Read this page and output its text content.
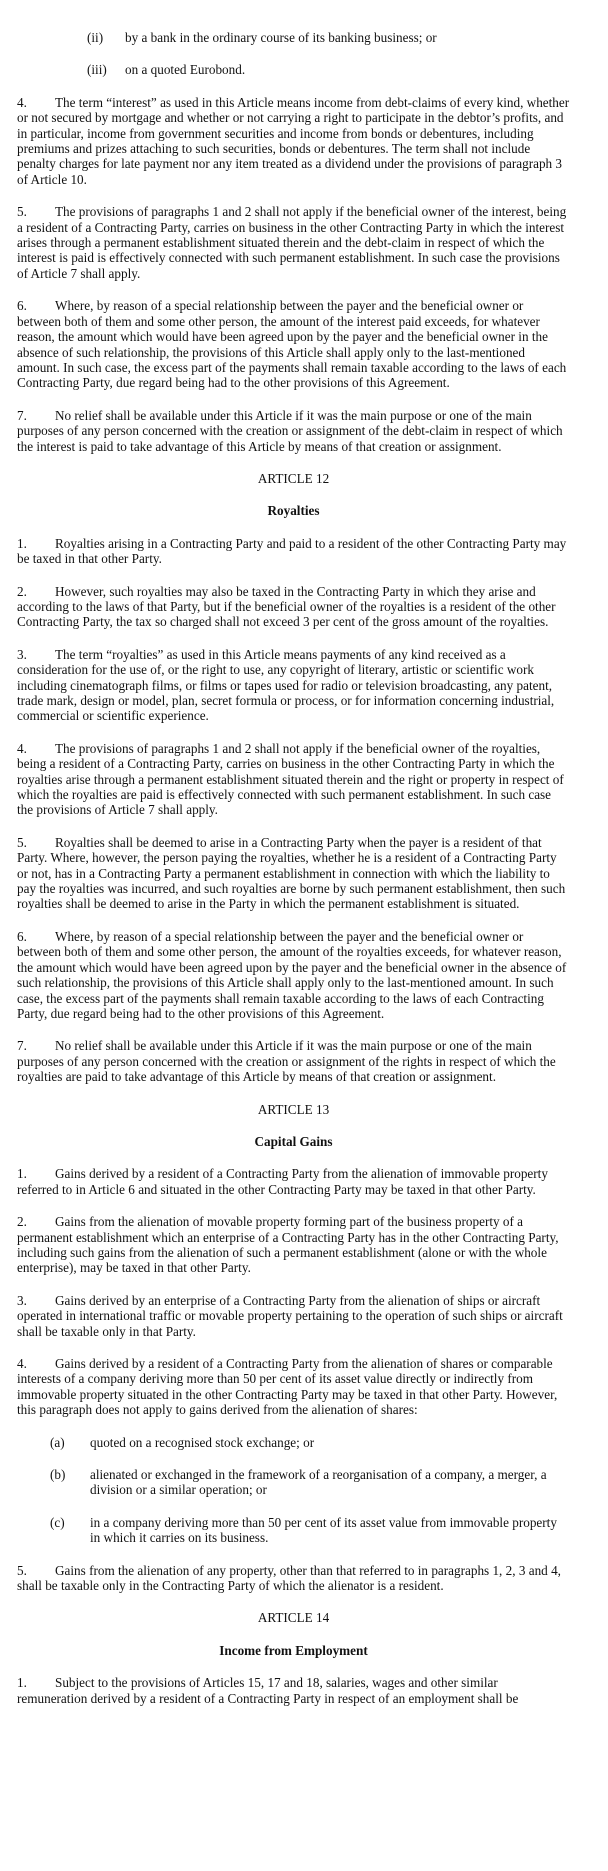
(ii)	by a bank in the ordinary course of its banking business; or
(iii)	on a quoted Eurobond.

4. The term “interest” as used in this Article means income from debt-claims of every kind, whether or not secured by mortgage and whether or not carrying a right to participate in the debtor’s profits, and in particular, income from government securities and income from bonds or debentures, including premiums and prizes attaching to such securities, bonds or debentures. The term shall not include penalty charges for late payment nor any item treated as a dividend under the provisions of paragraph 3 of Article 10.

5. The provisions of paragraphs 1 and 2 shall not apply if the beneficial owner of the interest, being a resident of a Contracting Party, carries on business in the other Contracting Party in which the interest arises through a permanent establishment situated therein and the debt-claim in respect of which the interest is paid is effectively connected with such permanent establishment. In such case the provisions of Article 7 shall apply.

6. Where, by reason of a special relationship between the payer and the beneficial owner or between both of them and some other person, the amount of the interest paid exceeds, for whatever reason, the amount which would have been agreed upon by the payer and the beneficial owner in the absence of such relationship, the provisions of this Article shall apply only to the last-mentioned amount. In such case, the excess part of the payments shall remain taxable according to the laws of each Contracting Party, due regard being had to the other provisions of this Agreement.

7. No relief shall be available under this Article if it was the main purpose or one of the main purposes of any person concerned with the creation or assignment of the debt-claim in respect of which the interest is paid to take advantage of this Article by means of that creation or assignment.

ARTICLE 12
Royalties

1. Royalties arising in a Contracting Party and paid to a resident of the other Contracting Party may be taxed in that other Party.

2. However, such royalties may also be taxed in the Contracting Party in which they arise and according to the laws of that Party, but if the beneficial owner of the royalties is a resident of the other Contracting Party, the tax so charged shall not exceed 3 per cent of the gross amount of the royalties.

3. The term “royalties” as used in this Article means payments of any kind received as a consideration for the use of, or the right to use, any copyright of literary, artistic or scientific work including cinematograph films, or films or tapes used for radio or television broadcasting, any patent, trade mark, design or model, plan, secret formula or process, or for information concerning industrial, commercial or scientific experience.

4. The provisions of paragraphs 1 and 2 shall not apply if the beneficial owner of the royalties, being a resident of a Contracting Party, carries on business in the other Contracting Party in which the royalties arise through a permanent establishment situated therein and the right or property in respect of which the royalties are paid is effectively connected with such permanent establishment. In such case the provisions of Article 7 shall apply.

5. Royalties shall be deemed to arise in a Contracting Party when the payer is a resident of that Party. Where, however, the person paying the royalties, whether he is a resident of a Contracting Party or not, has in a Contracting Party a permanent establishment in connection with which the liability to pay the royalties was incurred, and such royalties are borne by such permanent establishment, then such royalties shall be deemed to arise in the Party in which the permanent establishment is situated.

6. Where, by reason of a special relationship between the payer and the beneficial owner or between both of them and some other person, the amount of the royalties exceeds, for whatever reason, the amount which would have been agreed upon by the payer and the beneficial owner in the absence of such relationship, the provisions of this Article shall apply only to the last-mentioned amount. In such case, the excess part of the payments shall remain taxable according to the laws of each Contracting Party, due regard being had to the other provisions of this Agreement.

7. No relief shall be available under this Article if it was the main purpose or one of the main purposes of any person concerned with the creation or assignment of the rights in respect of which the royalties are paid to take advantage of this Article by means of that creation or assignment.

ARTICLE 13
Capital Gains

1. Gains derived by a resident of a Contracting Party from the alienation of immovable property referred to in Article 6 and situated in the other Contracting Party may be taxed in that other Party.

2. Gains from the alienation of movable property forming part of the business property of a permanent establishment which an enterprise of a Contracting Party has in the other Contracting Party, including such gains from the alienation of such a permanent establishment (alone or with the whole enterprise), may be taxed in that other Party.

3. Gains derived by an enterprise of a Contracting Party from the alienation of ships or aircraft operated in international traffic or movable property pertaining to the operation of such ships or aircraft shall be taxable only in that Party.

4. Gains derived by a resident of a Contracting Party from the alienation of shares or comparable interests of a company deriving more than 50 per cent of its asset value directly or indirectly from immovable property situated in the other Contracting Party may be taxed in that other Party. However, this paragraph does not apply to gains derived from the alienation of shares:

(a)	quoted on a recognised stock exchange; or
(b)	alienated or exchanged in the framework of a reorganisation of a company, a merger, a division or a similar operation; or
(c)	in a company deriving more than 50 per cent of its asset value from immovable property in which it carries on its business.

5. Gains from the alienation of any property, other than that referred to in paragraphs 1, 2, 3 and 4, shall be taxable only in the Contracting Party of which the alienator is a resident.

ARTICLE 14
Income from Employment

1. Subject to the provisions of Articles 15, 17 and 18, salaries, wages and other similar remuneration derived by a resident of a Contracting Party in respect of an employment shall be
